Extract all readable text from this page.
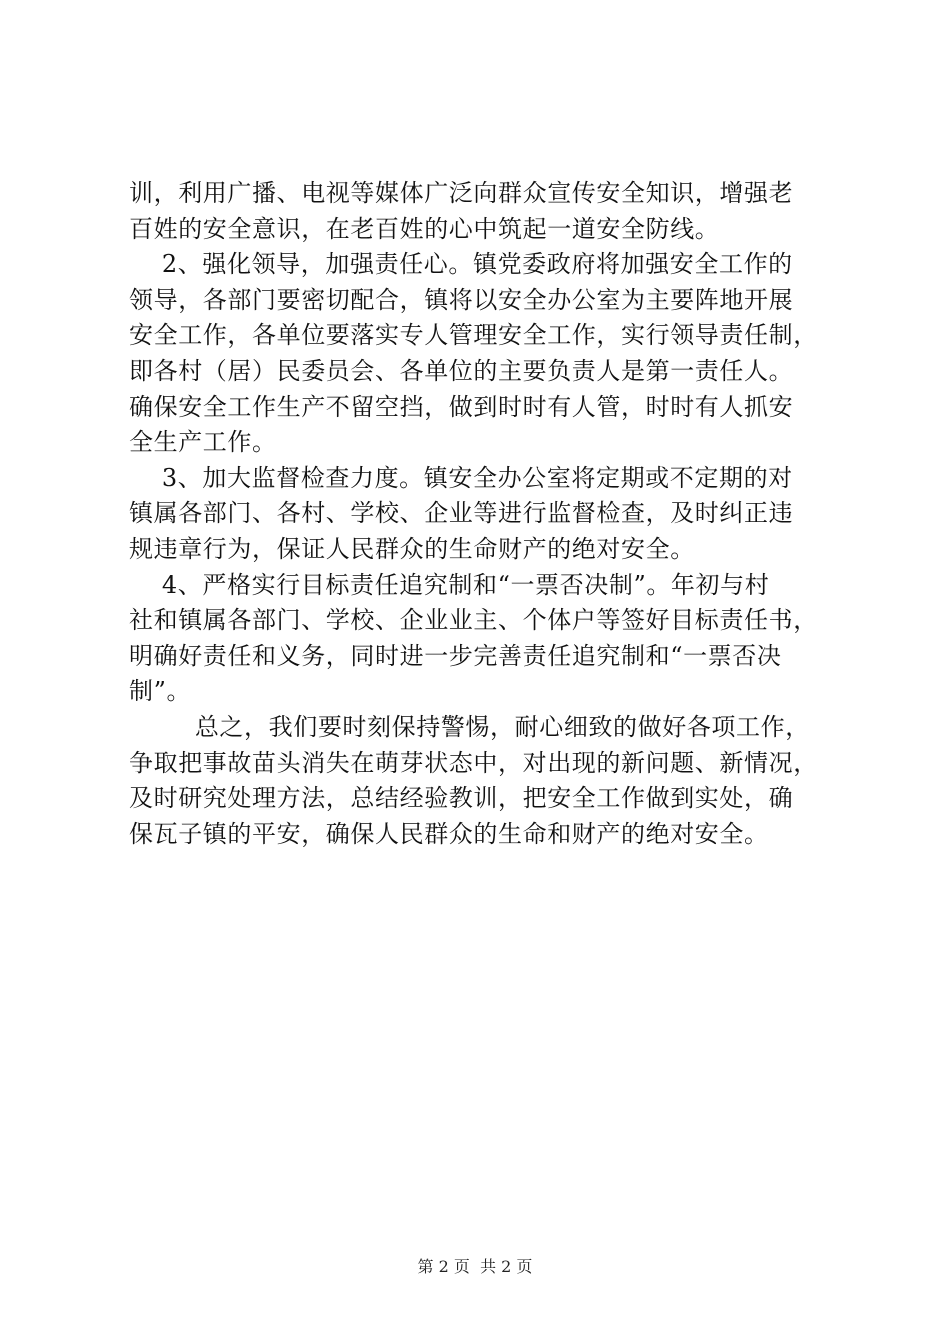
训，利用广播、电视等媒体广泛向群众宣传安全知识，增强老
百姓的安全意识，在老百姓的心中筑起一道安全防线。
2、强化领导，加强责任心。镇党委政府将加强安全工作的
领导，各部门要密切配合，镇将以安全办公室为主要阵地开展
安全工作，各单位要落实专人管理安全工作，实行领导责任制，
即各村（居）民委员会、各单位的主要负责人是第一责任人。
确保安全工作生产不留空挡，做到时时有人管，时时有人抓安
全生产工作。
3、加大监督检查力度。镇安全办公室将定期或不定期的对
镇属各部门、各村、学校、企业等进行监督检查，及时纠正违
规违章行为，保证人民群众的生命财产的绝对安全。
4、严格实行目标责任追究制和“一票否决制”。年初与村
社和镇属各部门、学校、企业业主、个体户等签好目标责任书，
明确好责任和义务，同时进一步完善责任追究制和“一票否决
制”。
总之，我们要时刻保持警惕，耐心细致的做好各项工作，
争取把事故苗头消失在萌芽状态中，对出现的新问题、新情况，
及时研究处理方法，总结经验教训，把安全工作做到实处，确
保瓦子镇的平安，确保人民群众的生命和财产的绝对安全。
第 2 页  共 2 页
